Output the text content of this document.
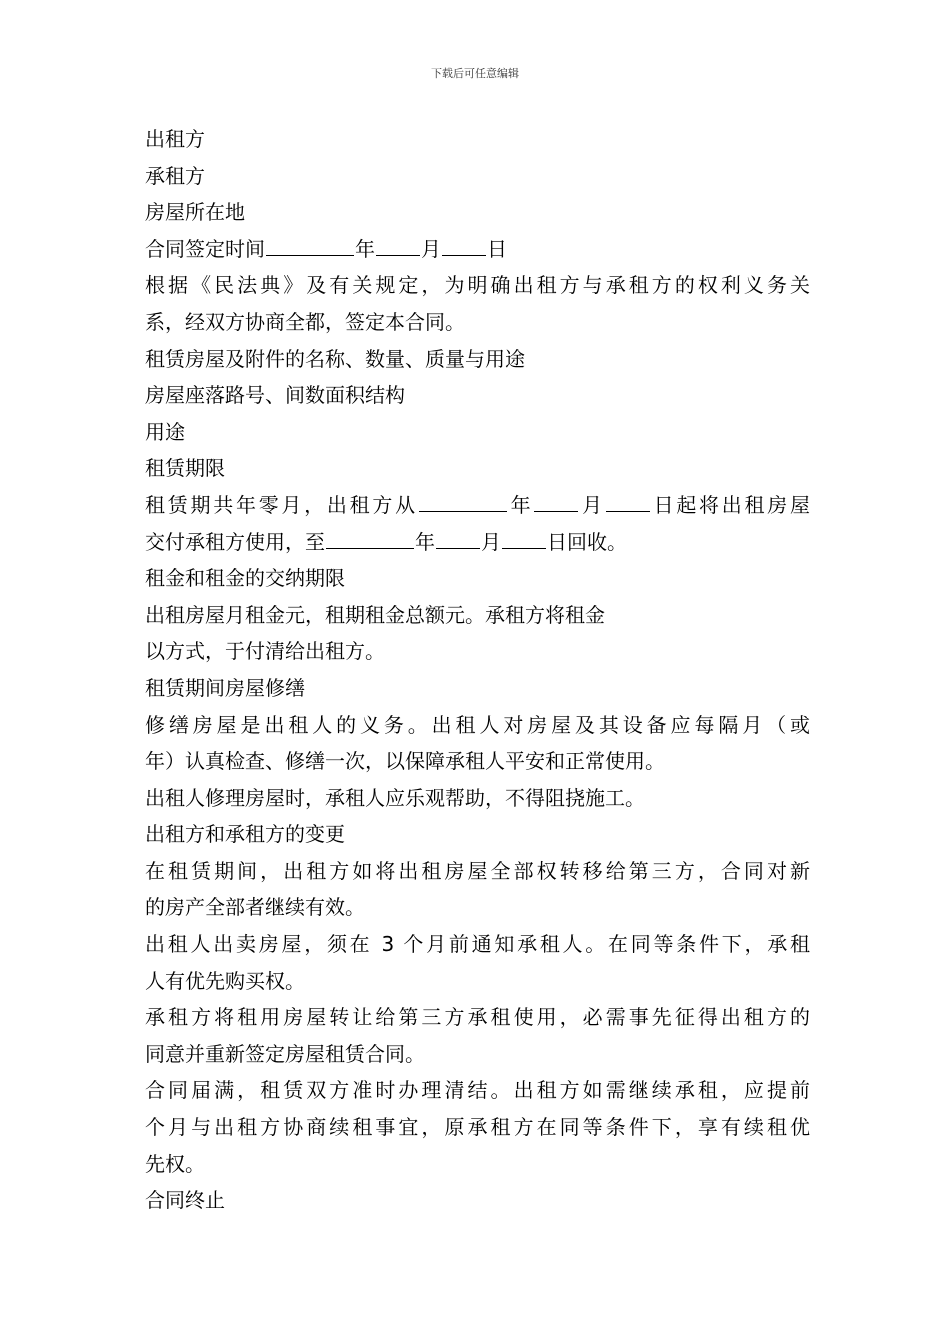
下载后可任意编辑
出租方
承租方
房屋所在地
合同签定时间	年 月 日
根据《民法典》及有关规定，为明确出租方与承租方的权利义务关
系，经双方协商全都，签定本合同。
租赁房屋及附件的名称、数量、质量与用途
房屋座落路号、间数面积结构
用途
租赁期限
租赁期共年零月，出租方从	年 月 日起将出租房屋
交付承租方使用，至	年 月 日回收。
租金和租金的交纳期限
出租房屋月租金元，租期租金总额元。承租方将租金
以方式，于付清给出租方。
租赁期间房屋修缮
修缮房屋是出租人的义务。出租人对房屋及其设备应每隔月（或
年）认真检查、修缮一次，以保障承租人平安和正常使用。
出租人修理房屋时，承租人应乐观帮助，不得阻挠施工。
出租方和承租方的变更
在租赁期间，出租方如将出租房屋全部权转移给第三方，合同对新
的房产全部者继续有效。
出租人出卖房屋，须在 3 个月前通知承租人。在同等条件下，承租
人有优先购买权。
承租方将租用房屋转让给第三方承租使用，必需事先征得出租方的
同意并重新签定房屋租赁合同。
合同届满，租赁双方准时办理清结。出租方如需继续承租，应提前
个月与出租方协商续租事宜，原承租方在同等条件下，享有续租优
先权。
合同终止
